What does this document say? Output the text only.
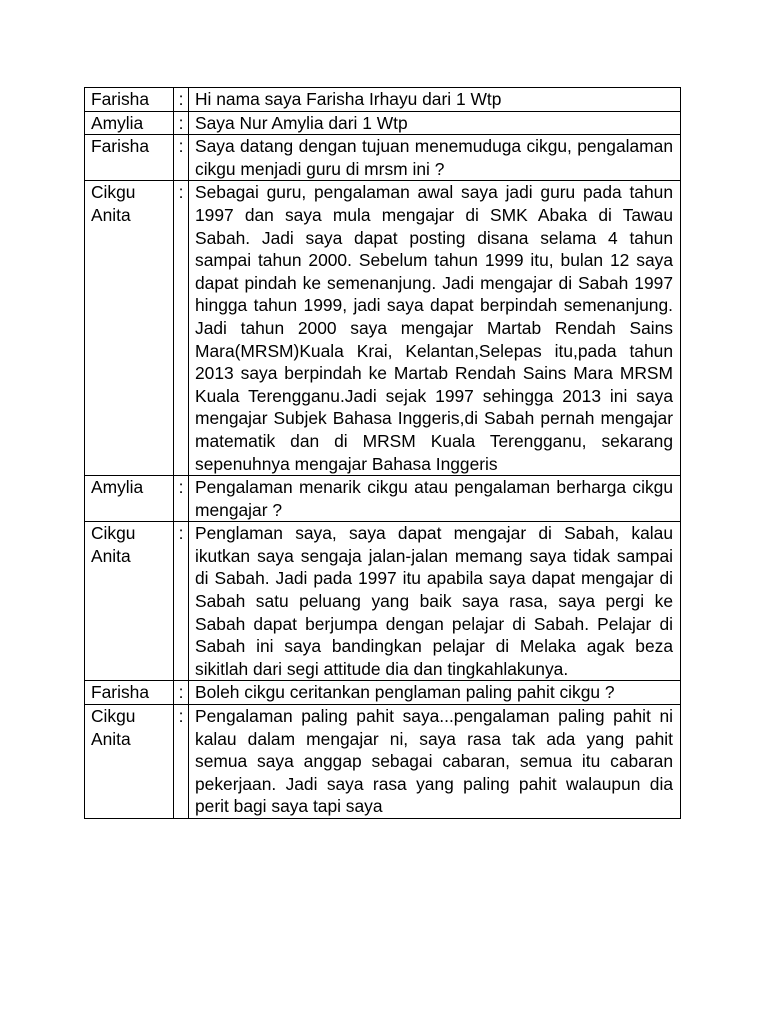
Farisha	:	Hi nama saya Farisha Irhayu dari 1 Wtp
Amylia	:	Saya Nur Amylia dari 1 Wtp
Farisha	:	Saya datang dengan tujuan menemuduga cikgu, pengalaman cikgu menjadi guru di mrsm ini ?
Cikgu Anita	:	Sebagai guru, pengalaman awal saya jadi guru pada tahun 1997 dan saya mula mengajar di SMK Abaka di Tawau Sabah. Jadi saya dapat posting disana selama 4 tahun sampai tahun 2000. Sebelum tahun 1999 itu, bulan 12 saya dapat pindah ke semenanjung. Jadi mengajar di Sabah 1997 hingga tahun 1999, jadi saya dapat berpindah semenanjung. Jadi tahun 2000 saya mengajar Martab Rendah Sains Mara(MRSM)Kuala Krai, Kelantan,Selepas itu,pada tahun 2013 saya berpindah ke Martab Rendah Sains Mara MRSM Kuala Terengganu.Jadi sejak 1997 sehingga 2013 ini saya mengajar Subjek Bahasa Inggeris,di Sabah pernah mengajar matematik dan di MRSM Kuala Terengganu, sekarang sepenuhnya mengajar Bahasa Inggeris
Amylia	:	Pengalaman menarik cikgu atau pengalaman berharga cikgu mengajar ?
Cikgu Anita	:	Penglaman saya, saya dapat mengajar di Sabah, kalau ikutkan saya sengaja jalan-jalan memang saya tidak sampai di Sabah. Jadi pada 1997 itu apabila saya dapat mengajar di Sabah satu peluang yang baik saya rasa, saya pergi ke Sabah dapat berjumpa dengan pelajar di Sabah. Pelajar di Sabah ini saya bandingkan pelajar di Melaka agak beza sikitlah dari segi attitude dia dan tingkahlakunya.
Farisha	:	Boleh cikgu ceritankan penglaman paling pahit cikgu ?
Cikgu Anita	:	Pengalaman paling pahit saya...pengalaman paling pahit ni kalau dalam mengajar ni, saya rasa tak ada yang pahit semua saya anggap sebagai cabaran, semua itu cabaran pekerjaan. Jadi saya rasa yang paling pahit walaupun dia perit bagi saya tapi saya
